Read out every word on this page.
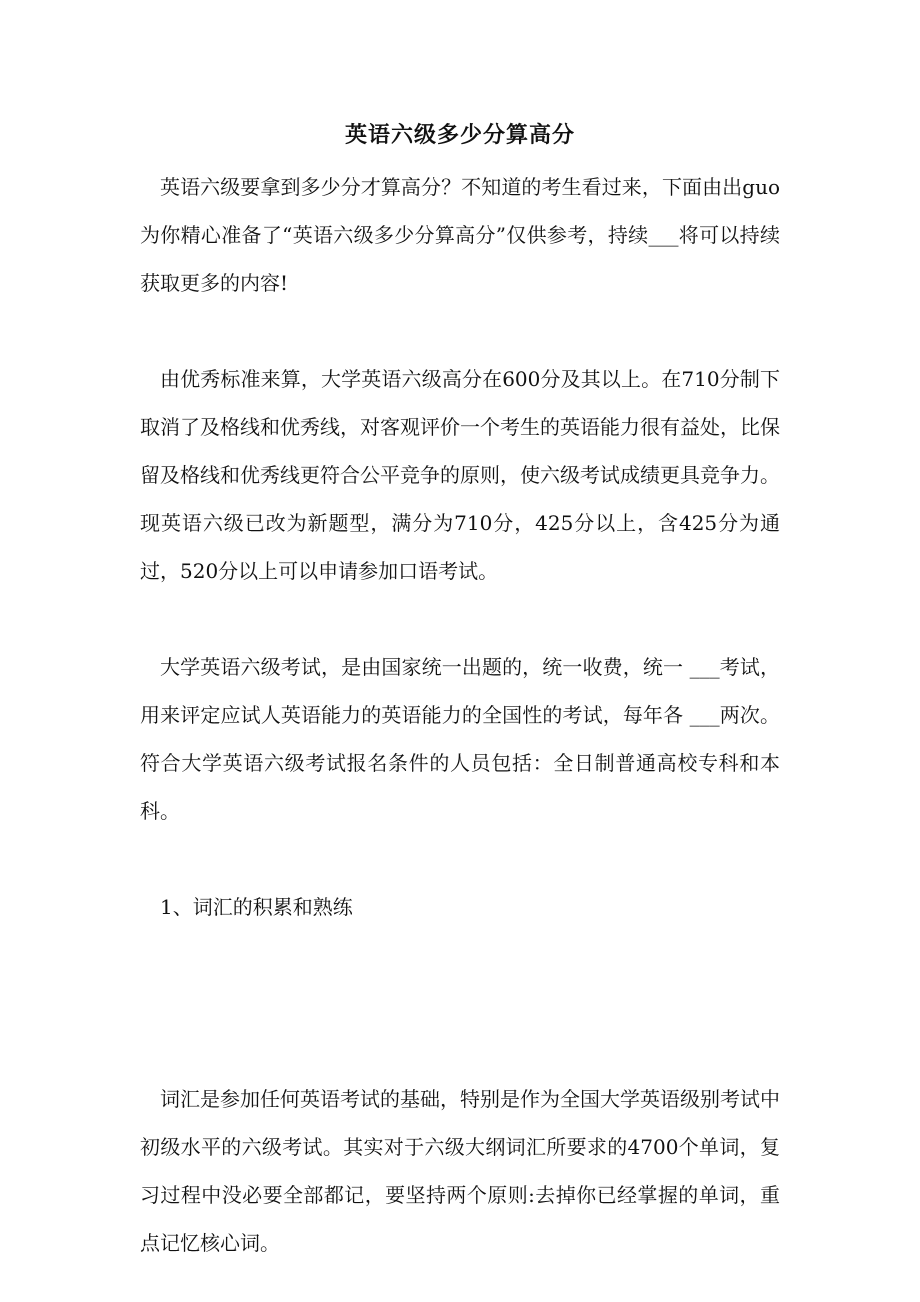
英语六级多少分算高分

英语六级要拿到多少分才算高分？不知道的考生看过来，下面由出guo为你精心准备了“英语六级多少分算高分”仅供参考，持续___将可以持续获取更多的内容!

由优秀标准来算，大学英语六级高分在600分及其以上。在710分制下取消了及格线和优秀线，对客观评价一个考生的英语能力很有益处，比保留及格线和优秀线更符合公平竞争的原则，使六级考试成绩更具竞争力。现英语六级已改为新题型，满分为710分，425分以上，含425分为通过，520分以上可以申请参加口语考试。

大学英语六级考试，是由国家统一出题的，统一收费，统一 ___考试，用来评定应试人英语能力的英语能力的全国性的考试，每年各 ___两次。符合大学英语六级考试报名条件的人员包括：全日制普通高校专科和本科。

1、词汇的积累和熟练

词汇是参加任何英语考试的基础，特别是作为全国大学英语级别考试中初级水平的六级考试。其实对于六级大纲词汇所要求的4700个单词，复习过程中没必要全部都记，要坚持两个原则:去掉你已经掌握的单词，重点记忆核心词。
